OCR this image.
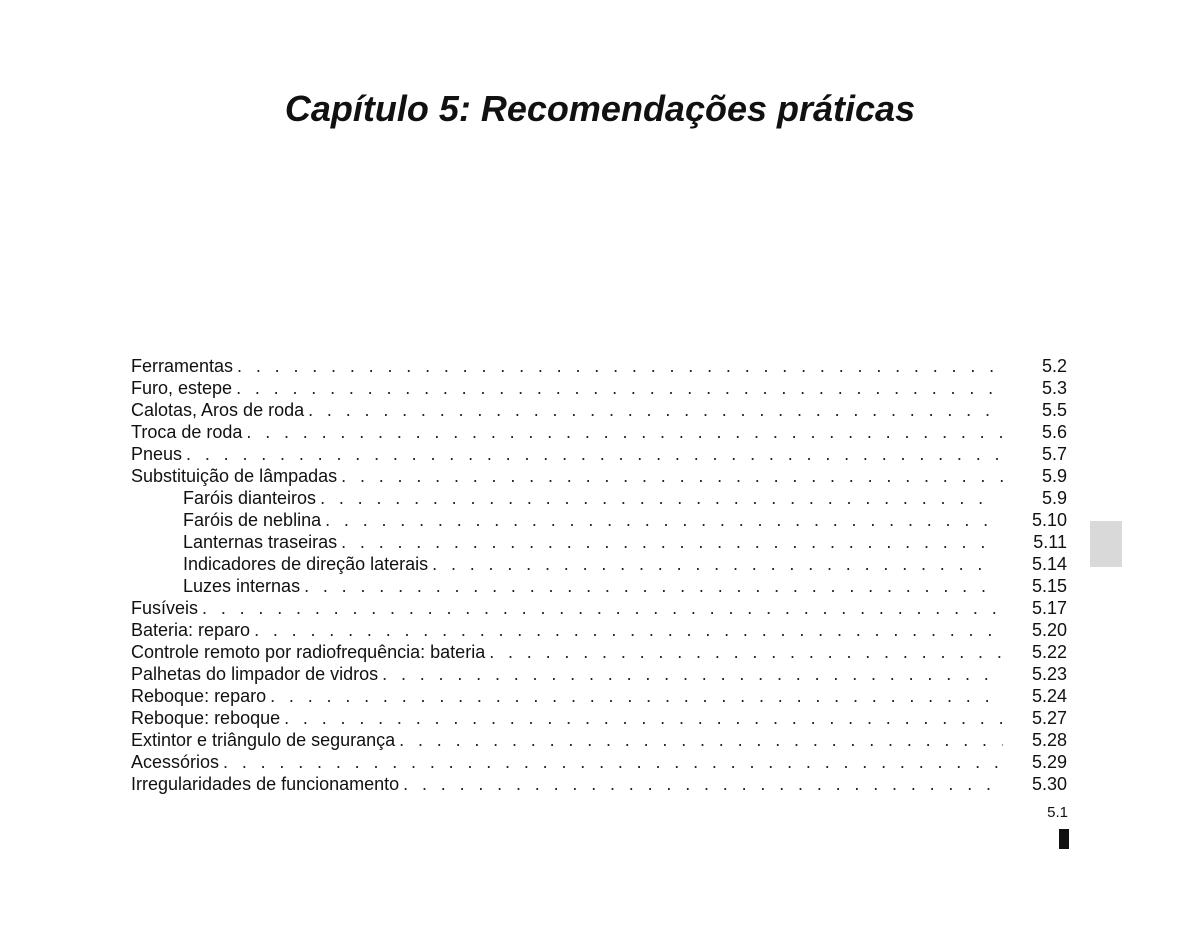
Capítulo 5: Recomendações práticas
Ferramentas . . .	5.2
Furo, estepe . . .	5.3
Calotas, Aros de roda . . .	5.5
Troca de roda . . .	5.6
Pneus . . .	5.7
Substituição de lâmpadas . . .	5.9
Faróis dianteiros . . .	5.9
Faróis de neblina . . .	5.10
Lanternas traseiras . . .	5.11
Indicadores de direção laterais . . .	5.14
Luzes internas . . .	5.15
Fusíveis . . .	5.17
Bateria: reparo . . .	5.20
Controle remoto por radiofrequência: bateria . . .	5.22
Palhetas do limpador de vidros . . .	5.23
Reboque: reparo . . .	5.24
Reboque: reboque . . .	5.27
Extintor e triângulo de segurança . . .	5.28
Acessórios . . .	5.29
Irregularidades de funcionamento . . .	5.30
5.1
